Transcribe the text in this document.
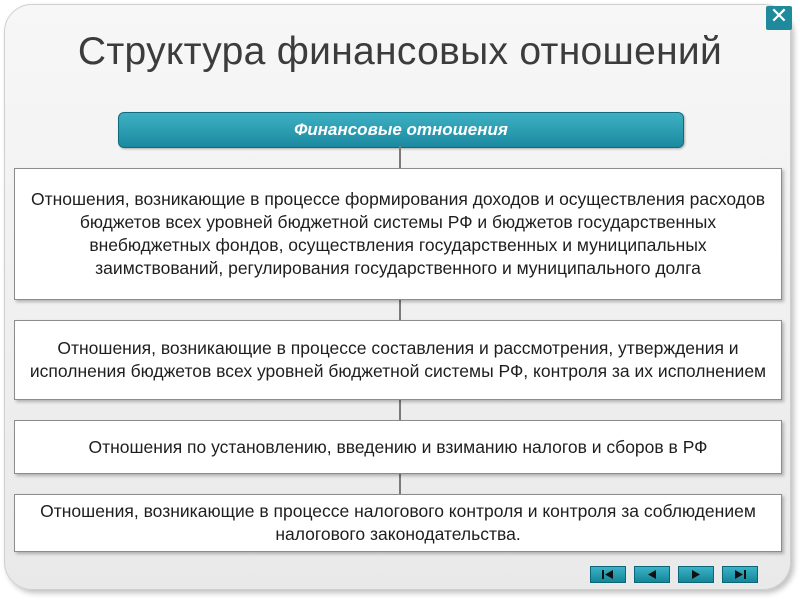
✕
Структура финансовых отношений
Финансовые отношения
Отношения, возникающие в процессе формирования доходов и осуществления расходов бюджетов всех уровней бюджетной системы РФ и бюджетов государственных внебюджетных фондов, осуществления государственных и муниципальных заимствований, регулирования государственного и муниципального долга
Отношения, возникающие в процессе составления и рассмотрения, утверждения и исполнения бюджетов всех уровней бюджетной системы РФ, контроля за их исполнением
Отношения по установлению, введению и взиманию налогов и сборов в РФ
Отношения, возникающие в процессе налогового контроля и контроля за соблюдением налогового законодательства.
